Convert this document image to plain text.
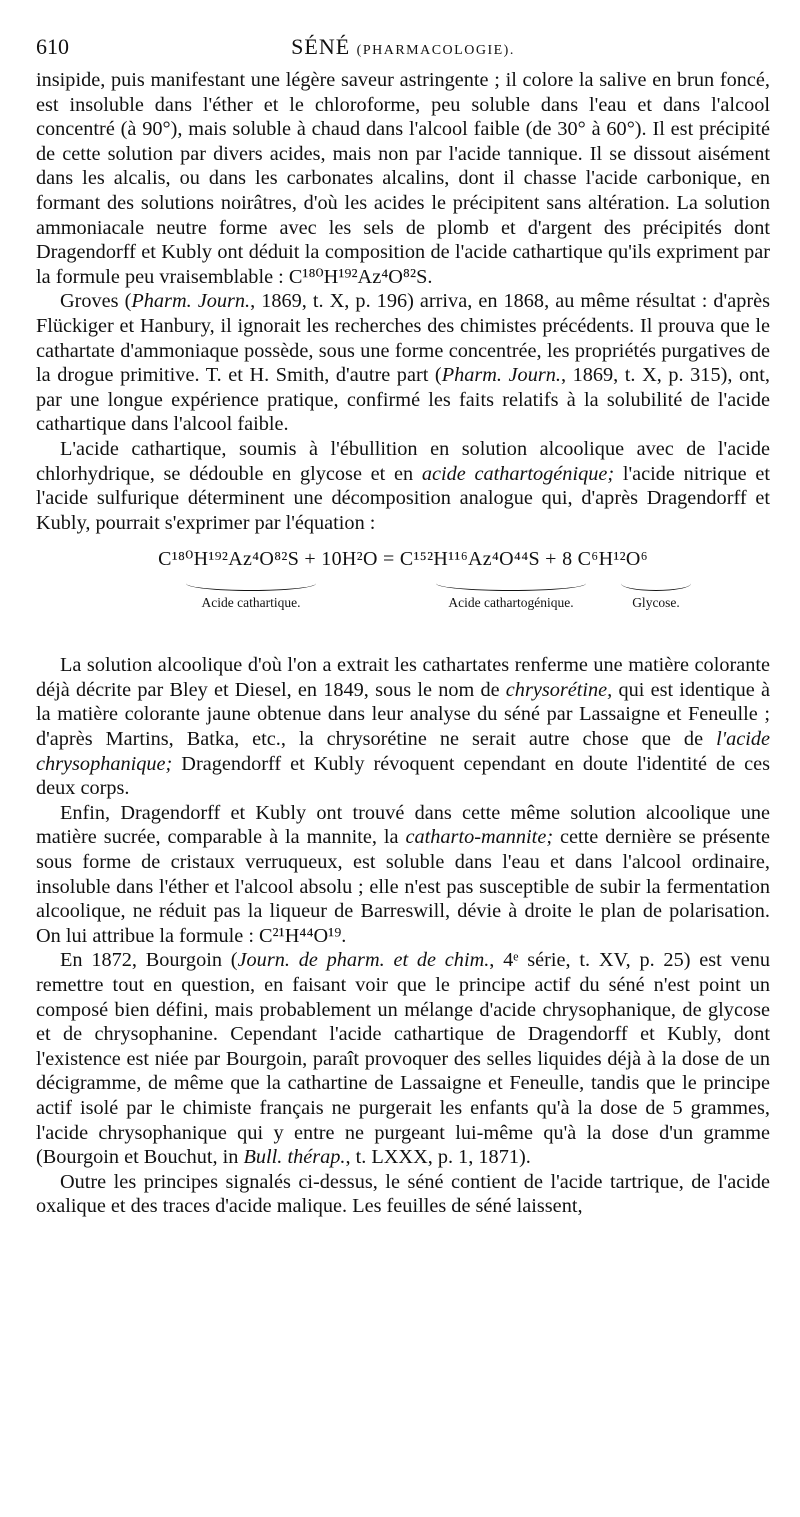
610	SÉNÉ (PHARMACOLOGIE).

insipide, puis manifestant une légère saveur astringente ; il colore la salive en brun foncé, est insoluble dans l'éther et le chloroforme, peu soluble dans l'eau et dans l'alcool concentré (à 90°), mais soluble à chaud dans l'alcool faible (de 30° à 60°). Il est précipité de cette solution par divers acides, mais non par l'acide tannique. Il se dissout aisément dans les alcalis, ou dans les carbonates alcalins, dont il chasse l'acide carbonique, en formant des solutions noirâtres, d'où les acides le précipitent sans altération. La solution ammoniacale neutre forme avec les sels de plomb et d'argent des précipités dont Dragendorff et Kubly ont déduit la composition de l'acide cathartique qu'ils expriment par la formule peu vraisemblable : C¹⁸⁰H¹⁹²Az⁴O⁸²S.

Groves (Pharm. Journ., 1869, t. X, p. 196) arriva, en 1868, au même résultat : d'après Flückiger et Hanbury, il ignorait les recherches des chimistes précédents. Il prouva que le cathartate d'ammoniaque possède, sous une forme concentrée, les propriétés purgatives de la drogue primitive. T. et H. Smith, d'autre part (Pharm. Journ., 1869, t. X, p. 315), ont, par une longue expérience pratique, confirmé les faits relatifs à la solubilité de l'acide cathartique dans l'alcool faible.

L'acide cathartique, soumis à l'ébullition en solution alcoolique avec de l'acide chlorhydrique, se dédouble en glycose et en acide cathartogénique; l'acide nitrique et l'acide sulfurique déterminent une décomposition analogue qui, d'après Dragendorff et Kubly, pourrait s'exprimer par l'équation :

C¹⁸⁰H¹⁹²Az⁴O⁸²S + 10H²O = C¹⁵²H¹¹⁶Az⁴O⁴⁴S + 8 C⁶H¹²O⁶
Acide cathartique.	Acide cathartogénique.	Glycose.

La solution alcoolique d'où l'on a extrait les cathartates renferme une matière colorante déjà décrite par Bley et Diesel, en 1849, sous le nom de chrysorétine, qui est identique à la matière colorante jaune obtenue dans leur analyse du séné par Lassaigne et Feneulle ; d'après Martins, Batka, etc., la chrysorétine ne serait autre chose que de l'acide chrysophanique; Dragendorff et Kubly révoquent cependant en doute l'identité de ces deux corps.

Enfin, Dragendorff et Kubly ont trouvé dans cette même solution alcoolique une matière sucrée, comparable à la mannite, la catharto-mannite; cette dernière se présente sous forme de cristaux verruqueux, est soluble dans l'eau et dans l'alcool ordinaire, insoluble dans l'éther et l'alcool absolu ; elle n'est pas susceptible de subir la fermentation alcoolique, ne réduit pas la liqueur de Barreswill, dévie à droite le plan de polarisation. On lui attribue la formule : C²¹H⁴⁴O¹⁹.

En 1872, Bourgoin (Journ. de pharm. et de chim., 4ᵉ série, t. XV, p. 25) est venu remettre tout en question, en faisant voir que le principe actif du séné n'est point un composé bien défini, mais probablement un mélange d'acide chrysophanique, de glycose et de chrysophanine. Cependant l'acide cathartique de Dragendorff et Kubly, dont l'existence est niée par Bourgoin, paraît provoquer des selles liquides déjà à la dose de un décigramme, de même que la cathartine de Lassaigne et Feneulle, tandis que le principe actif isolé par le chimiste français ne purgerait les enfants qu'à la dose de 5 grammes, l'acide chrysophanique qui y entre ne purgeant lui-même qu'à la dose d'un gramme (Bourgoin et Bouchut, in Bull. thérap., t. LXXX, p. 1, 1871).

Outre les principes signalés ci-dessus, le séné contient de l'acide tartrique, de l'acide oxalique et des traces d'acide malique. Les feuilles de séné laissent,
